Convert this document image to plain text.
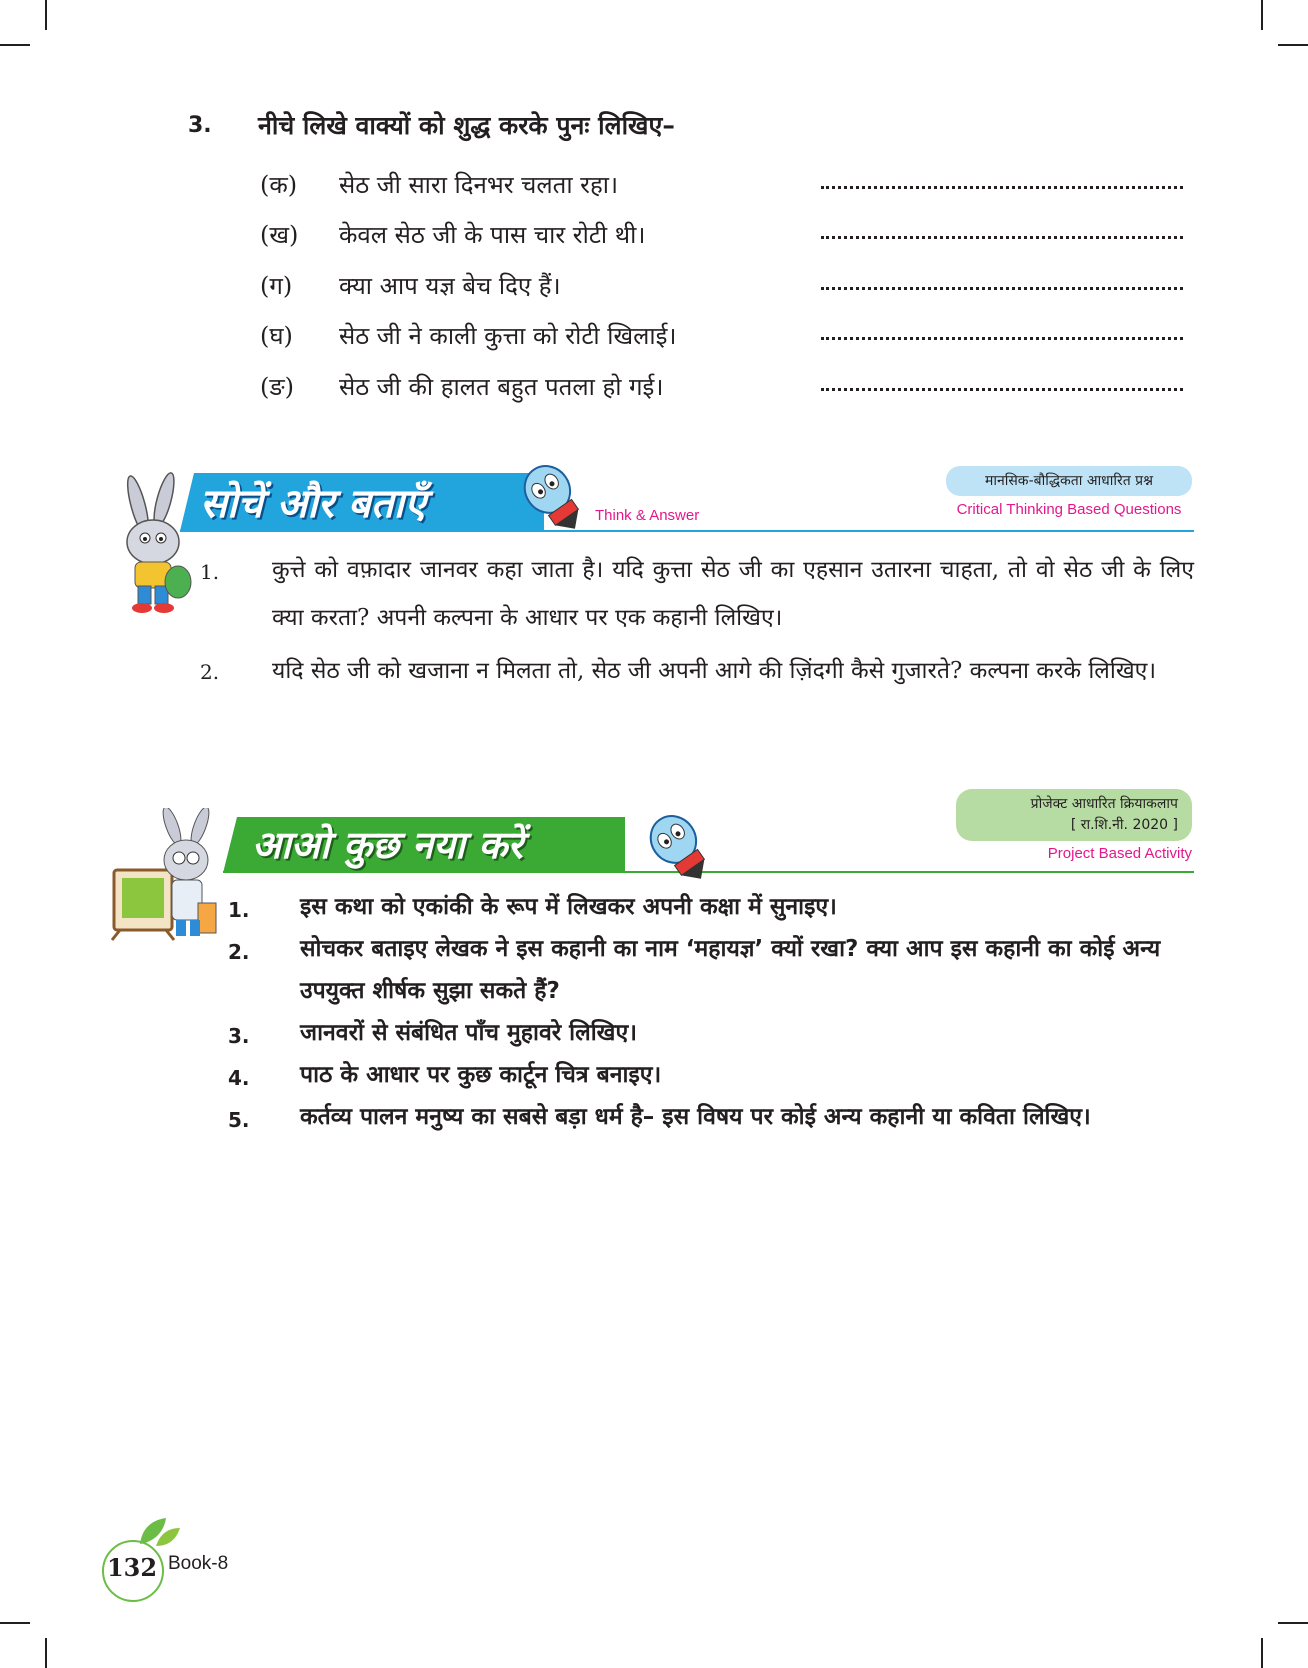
3. नीचे लिखे वाक्यों को शुद्ध करके पुनः लिखिए–
(क) सेठ जी सारा दिनभर चलता रहा।
(ख) केवल सेठ जी के पास चार रोटी थी।
(ग) क्या आप यज्ञ बेच दिए हैं।
(घ) सेठ जी ने काली कुत्ता को रोटी खिलाई।
(ङ) सेठ जी की हालत बहुत पतला हो गई।
सोचें और बताएँ	Think & Answer
मानसिक-बौद्धिकता आधारित प्रश्न
Critical Thinking Based Questions
1. कुत्ते को वफ़ादार जानवर कहा जाता है। यदि कुत्ता सेठ जी का एहसान उतारना चाहता, तो वो सेठ जी के लिए क्या करता? अपनी कल्पना के आधार पर एक कहानी लिखिए।
2. यदि सेठ जी को खजाना न मिलता तो, सेठ जी अपनी आगे की ज़िंदगी कैसे गुजारते? कल्पना करके लिखिए।
आओ कुछ नया करें
प्रोजेक्ट आधारित क्रियाकलाप
[ रा.शि.नी. 2020 ]
Project Based Activity
1. इस कथा को एकांकी के रूप में लिखकर अपनी कक्षा में सुनाइए।
2. सोचकर बताइए लेखक ने इस कहानी का नाम ‘महायज्ञ’ क्यों रखा? क्या आप इस कहानी का कोई अन्य उपयुक्त शीर्षक सुझा सकते हैं?
3. जानवरों से संबंधित पाँच मुहावरे लिखिए।
4. पाठ के आधार पर कुछ कार्टून चित्र बनाइए।
5. कर्तव्य पालन मनुष्य का सबसे बड़ा धर्म है– इस विषय पर कोई अन्य कहानी या कविता लिखिए।
132 Book-8
